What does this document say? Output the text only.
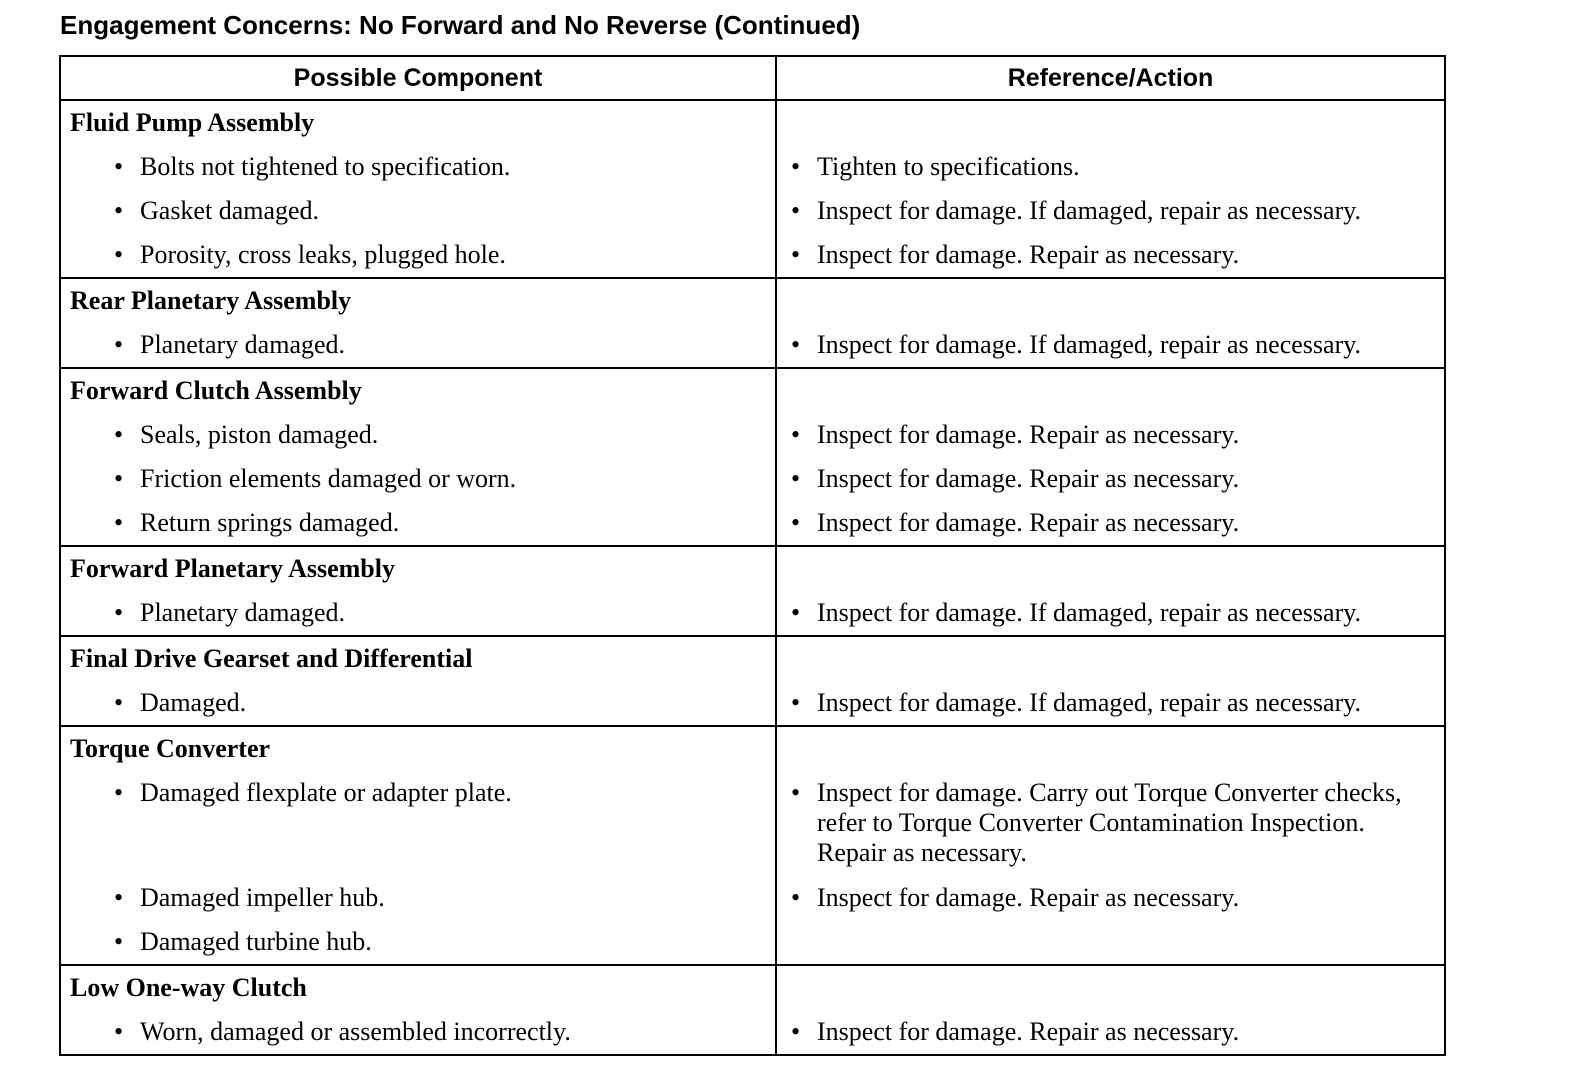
Engagement Concerns: No Forward and No Reverse (Continued)
Possible Component	Reference/Action

Fluid Pump Assembly	

• Bolts not tightened to specification.	• Tighten to specifications.

• Gasket damaged.	• Inspect for damage. If damaged, repair as necessary.

• Porosity, cross leaks, plugged hole.	• Inspect for damage. Repair as necessary.

Rear Planetary Assembly	

• Planetary damaged.	• Inspect for damage. If damaged, repair as necessary.

Forward Clutch Assembly	

• Seals, piston damaged.	• Inspect for damage. Repair as necessary.

• Friction elements damaged or worn.	• Inspect for damage. Repair as necessary.

• Return springs damaged.	• Inspect for damage. Repair as necessary.

Forward Planetary Assembly	

• Planetary damaged.	• Inspect for damage. If damaged, repair as necessary.

Final Drive Gearset and Differential	

• Damaged.	• Inspect for damage. If damaged, repair as necessary.

Torque Converter	

• Damaged flexplate or adapter plate.	• Inspect for damage. Carry out Torque Converter checks, refer to Torque Converter Contamination Inspection. Repair as necessary.

• Damaged impeller hub.	• Inspect for damage. Repair as necessary.

• Damaged turbine hub.	

Low One-way Clutch	

• Worn, damaged or assembled incorrectly.	• Inspect for damage. Repair as necessary.
